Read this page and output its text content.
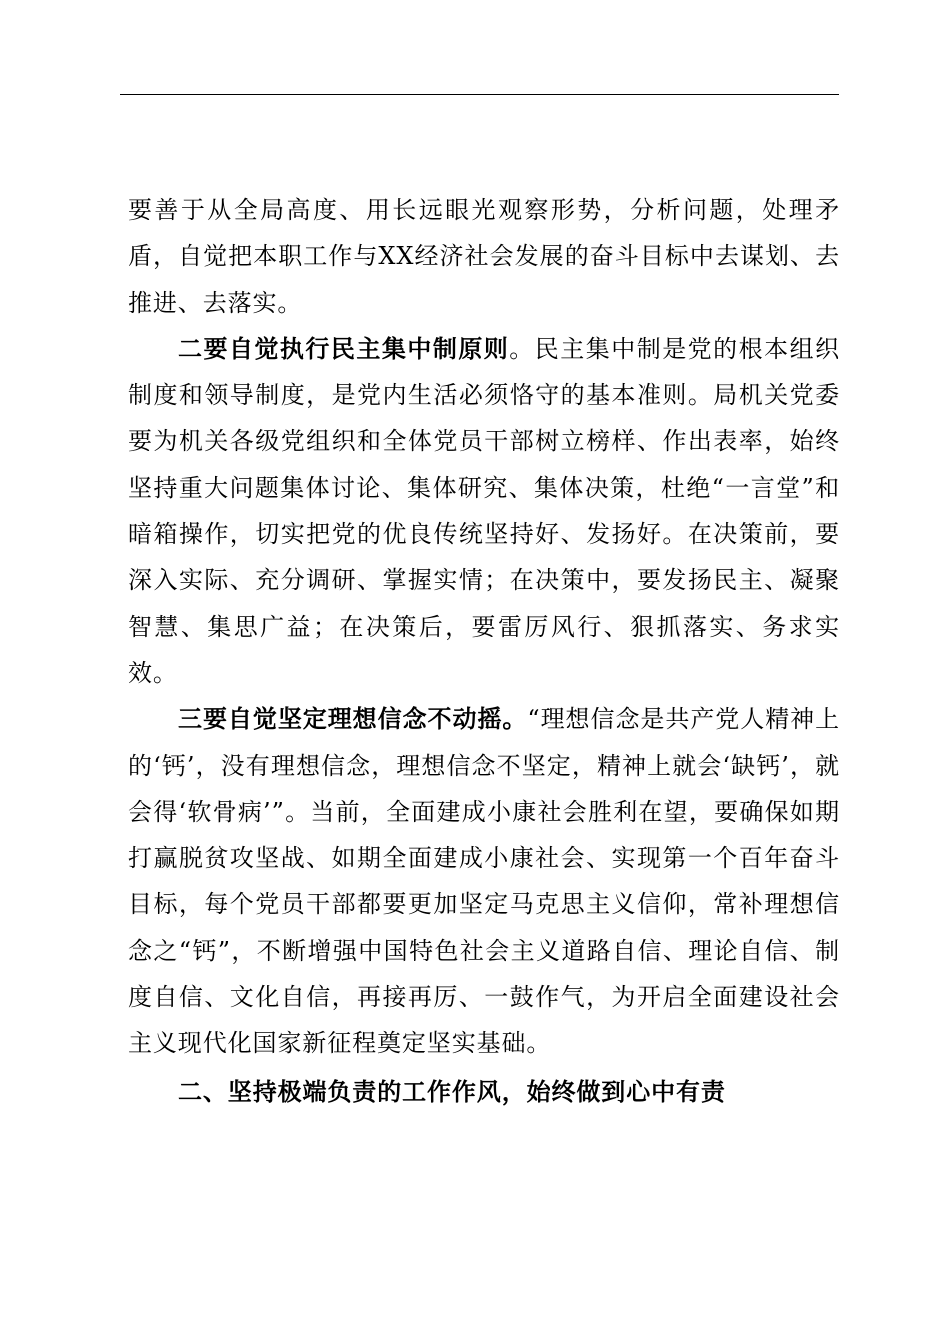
要善于从全局高度、用长远眼光观察形势，分析问题，处理矛盾，自觉把本职工作与XX经济社会发展的奋斗目标中去谋划、去推进、去落实。

二要自觉执行民主集中制原则。民主集中制是党的根本组织制度和领导制度，是党内生活必须恪守的基本准则。局机关党委要为机关各级党组织和全体党员干部树立榜样、作出表率，始终坚持重大问题集体讨论、集体研究、集体决策，杜绝“一言堂”和暗箱操作，切实把党的优良传统坚持好、发扬好。在决策前，要深入实际、充分调研、掌握实情；在决策中，要发扬民主、凝聚智慧、集思广益；在决策后，要雷厉风行、狠抓落实、务求实效。

三要自觉坚定理想信念不动摇。“理想信念是共产党人精神上的‘钙’，没有理想信念，理想信念不坚定，精神上就会‘缺钙’，就会得‘软骨病’”。当前，全面建成小康社会胜利在望，要确保如期打赢脱贫攻坚战、如期全面建成小康社会、实现第一个百年奋斗目标，每个党员干部都要更加坚定马克思主义信仰，常补理想信念之“钙”，不断增强中国特色社会主义道路自信、理论自信、制度自信、文化自信，再接再厉、一鼓作气，为开启全面建设社会主义现代化国家新征程奠定坚实基础。

二、坚持极端负责的工作作风，始终做到心中有责
